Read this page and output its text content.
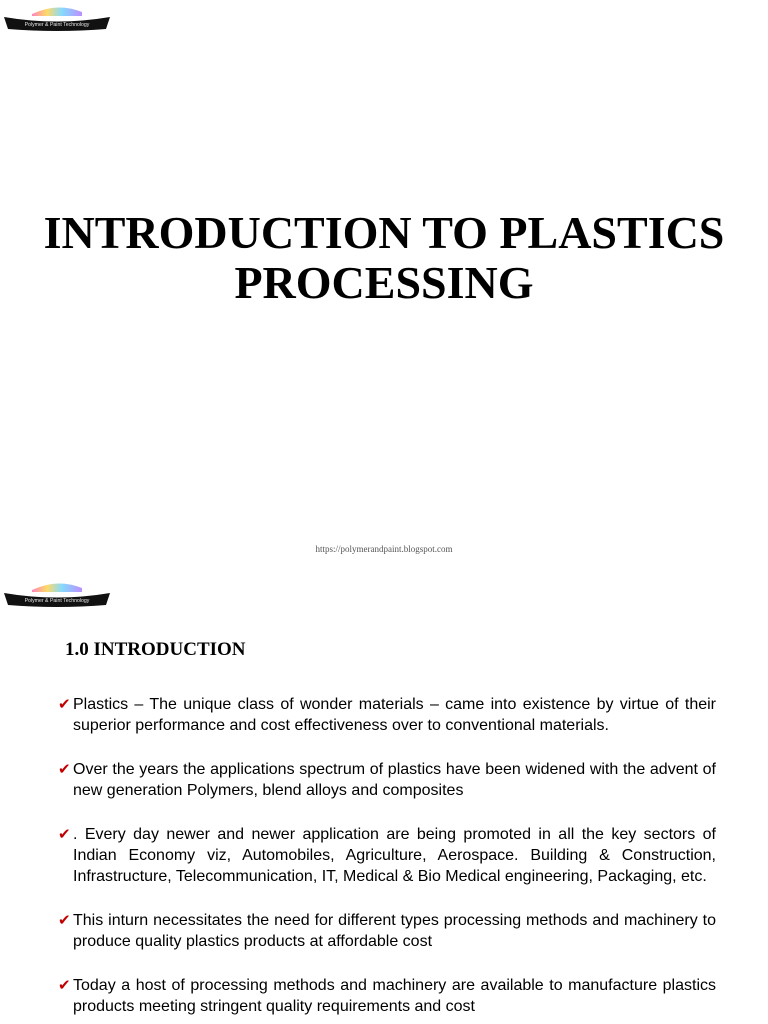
Polymer & Paint Technology
INTRODUCTION TO PLASTICS
PROCESSING
https://polymerandpaint.blogspot.com
Polymer & Paint Technology
1.0 INTRODUCTION
✔ Plastics – The unique class of wonder materials – came into existence by virtue of their superior performance and cost effectiveness over to conventional materials.
✔ Over the years the applications spectrum of plastics have been widened with the advent of new generation Polymers, blend alloys and composites
✔ . Every day newer and newer application are being promoted in all the key sectors of Indian Economy viz, Automobiles, Agriculture, Aerospace. Building & Construction, Infrastructure, Telecommunication, IT, Medical & Bio Medical engineering, Packaging, etc.
✔ This inturn necessitates the need for different types processing methods and machinery to produce quality plastics products at affordable cost
✔ Today a host of processing methods and machinery are available to manufacture plastics products meeting stringent quality requirements and cost
